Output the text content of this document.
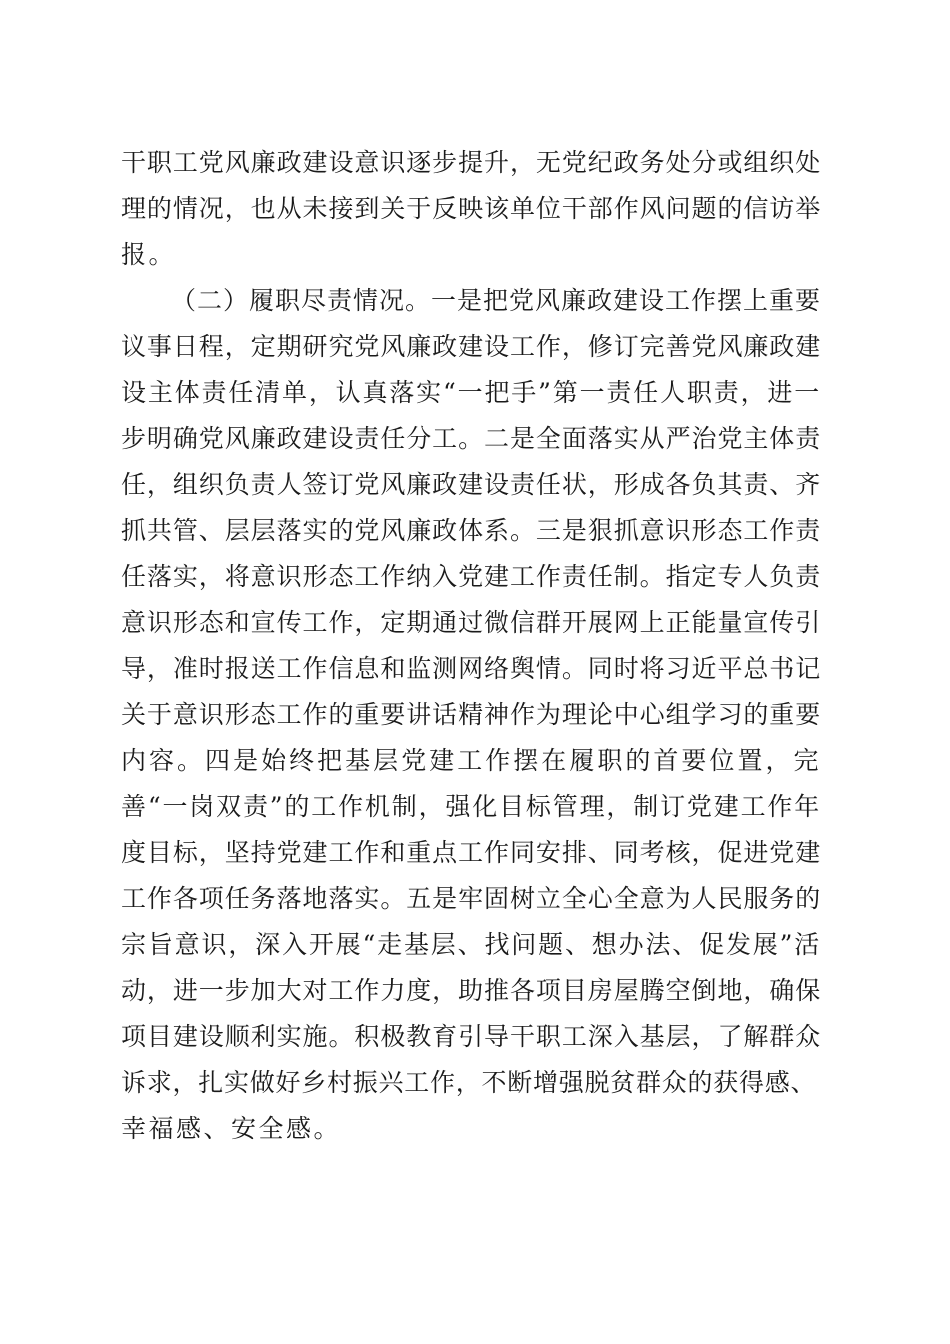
干职工党风廉政建设意识逐步提升，无党纪政务处分或组织处
理的情况，也从未接到关于反映该单位干部作风问题的信访举
报。
（二）履职尽责情况。一是把党风廉政建设工作摆上重要
议事日程，定期研究党风廉政建设工作，修订完善党风廉政建
设主体责任清单，认真落实“一把手”第一责任人职责，进一
步明确党风廉政建设责任分工。二是全面落实从严治党主体责
任，组织负责人签订党风廉政建设责任状，形成各负其责、齐
抓共管、层层落实的党风廉政体系。三是狠抓意识形态工作责
任落实，将意识形态工作纳入党建工作责任制。指定专人负责
意识形态和宣传工作，定期通过微信群开展网上正能量宣传引
导，准时报送工作信息和监测网络舆情。同时将习近平总书记
关于意识形态工作的重要讲话精神作为理论中心组学习的重要
内容。四是始终把基层党建工作摆在履职的首要位置，完
善“一岗双责”的工作机制，强化目标管理，制订党建工作年
度目标，坚持党建工作和重点工作同安排、同考核，促进党建
工作各项任务落地落实。五是牢固树立全心全意为人民服务的
宗旨意识，深入开展“走基层、找问题、想办法、促发展”活
动，进一步加大对工作力度，助推各项目房屋腾空倒地，确保
项目建设顺利实施。积极教育引导干职工深入基层，了解群众
诉求，扎实做好乡村振兴工作，不断增强脱贫群众的获得感、
幸福感、安全感。
